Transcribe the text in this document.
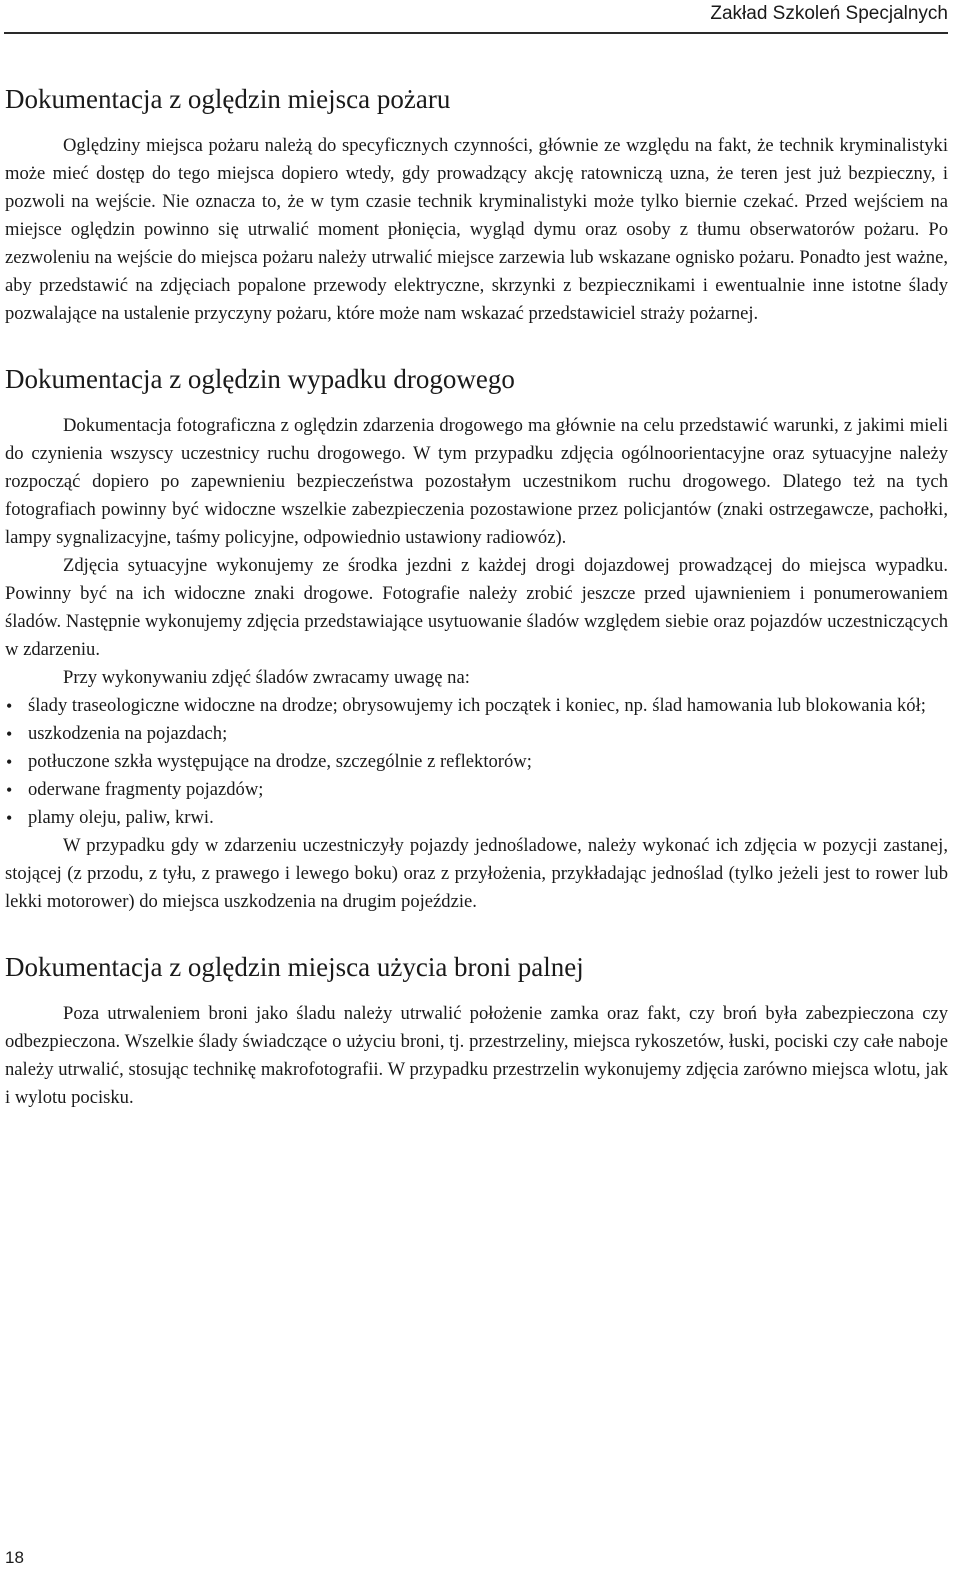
Zakład Szkoleń Specjalnych
Dokumentacja z oględzin miejsca pożaru

Oględziny miejsca pożaru należą do specyficznych czynności, głównie ze względu na fakt, że technik kryminalistyki może mieć dostęp do tego miejsca dopiero wtedy, gdy prowadzący akcję ratowniczą uzna, że teren jest już bezpieczny, i pozwoli na wejście. Nie oznacza to, że w tym czasie technik kryminalistyki może tylko biernie czekać. Przed wejściem na miejsce oględzin powinno się utrwalić moment płonięcia, wygląd dymu oraz osoby z tłumu obserwatorów pożaru. Po zezwoleniu na wejście do miejsca pożaru należy utrwalić miejsce zarzewia lub wskazane ognisko pożaru. Ponadto jest ważne, aby przedstawić na zdjęciach popalone przewody elektryczne, skrzynki z bezpiecznikami i ewentualnie inne istotne ślady pozwalające na ustalenie przyczyny pożaru, które może nam wskazać przedstawiciel straży pożarnej.

Dokumentacja z oględzin wypadku drogowego

Dokumentacja fotograficzna z oględzin zdarzenia drogowego ma głównie na celu przedstawić warunki, z jakimi mieli do czynienia wszyscy uczestnicy ruchu drogowego. W tym przypadku zdjęcia ogólnoorientacyjne oraz sytuacyjne należy rozpocząć dopiero po zapewnieniu bezpieczeństwa pozostałym uczestnikom ruchu drogowego. Dlatego też na tych fotografiach powinny być widoczne wszelkie zabezpieczenia pozostawione przez policjantów (znaki ostrzegawcze, pachołki, lampy sygnalizacyjne, taśmy policyjne, odpowiednio ustawiony radiowóz).

Zdjęcia sytuacyjne wykonujemy ze środka jezdni z każdej drogi dojazdowej prowadzącej do miejsca wypadku. Powinny być na ich widoczne znaki drogowe. Fotografie należy zrobić jeszcze przed ujawnieniem i ponumerowaniem śladów. Następnie wykonujemy zdjęcia przedstawiające usytuowanie śladów względem siebie oraz pojazdów uczestniczących w zdarzeniu.

Przy wykonywaniu zdjęć śladów zwracamy uwagę na:

• ślady traseologiczne widoczne na drodze; obrysowujemy ich początek i koniec, np. ślad hamowania lub blokowania kół;
• uszkodzenia na pojazdach;
• potłuczone szkła występujące na drodze, szczególnie z reflektorów;
• oderwane fragmenty pojazdów;
• plamy oleju, paliw, krwi.

W przypadku gdy w zdarzeniu uczestniczyły pojazdy jednośladowe, należy wykonać ich zdjęcia w pozycji zastanej, stojącej (z przodu, z tyłu, z prawego i lewego boku) oraz z przyłożenia, przykładając jednoślad (tylko jeżeli jest to rower lub lekki motorower) do miejsca uszkodzenia na drugim pojeździe.

Dokumentacja z oględzin miejsca użycia broni palnej

Poza utrwaleniem broni jako śladu należy utrwalić położenie zamka oraz fakt, czy broń była zabezpieczona czy odbezpieczona. Wszelkie ślady świadczące o użyciu broni, tj. przestrzeliny, miejsca rykoszetów, łuski, pociski czy całe naboje należy utrwalić, stosując technikę makrofotografii. W przypadku przestrzelin wykonujemy zdjęcia zarówno miejsca wlotu, jak i wylotu pocisku.

18
